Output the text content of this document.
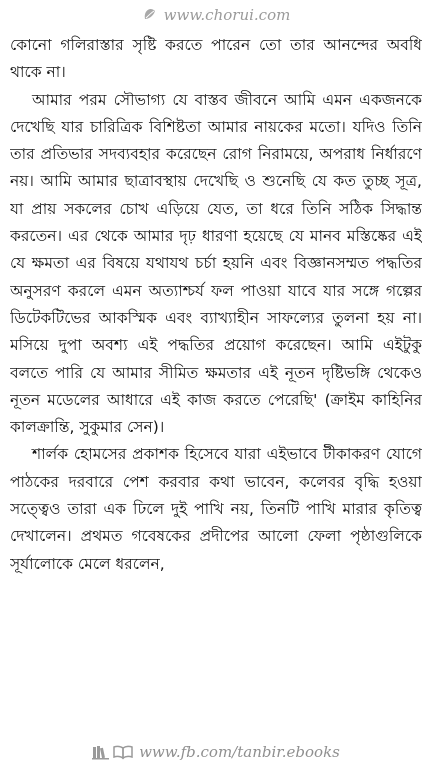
www.chorui.com

কোনো গলিরাস্তার সৃষ্টি করতে পারেন তো তার আনন্দের অবধি থাকে না।

আমার পরম সৌভাগ্য যে বাস্তব জীবনে আমি এমন একজনকে দেখেছি যার চারিত্রিক বিশিষ্টতা আমার নায়কের মতো। যদিও তিনি তার প্রতিভার সদব্যবহার করেছেন রোগ নিরাময়ে, অপরাধ নির্ধারণে নয়। আমি আমার ছাত্রাবস্থায় দেখেছি ও শুনেছি যে কত তুচ্ছ সূত্র, যা প্রায় সকলের চোখ এড়িয়ে যেত, তা ধরে তিনি সঠিক সিদ্ধান্ত করতেন। এর থেকে আমার দৃঢ় ধারণা হয়েছে যে মানব মস্তিষ্কের এই যে ক্ষমতা এর বিষয়ে যথাযথ চর্চা হয়নি এবং বিজ্ঞানসম্মত পদ্ধতির অনুসরণ করলে এমন অত্যাশ্চর্য ফল পাওয়া যাবে যার সঙ্গে গল্পের ডিটেকটিভের আকস্মিক এবং ব্যাখ্যাহীন সাফল্যের তুলনা হয় না। মসিয়ে দুপা অবশ্য এই পদ্ধতির প্রয়োগ করেছেন। আমি এইটুকু বলতে পারি যে আমার সীমিত ক্ষমতার এই নূতন দৃষ্টিভঙ্গি থেকেও নূতন মডেলের আধারে এই কাজ করতে পেরেছি' (ক্রাইম কাহিনির কালক্রান্তি, সুকুমার সেন)।

শার্লক হোমসের প্রকাশক হিসেবে যারা এইভাবে টীকাকরণ যোগে পাঠকের দরবারে পেশ করবার কথা ভাবেন, কলেবর বৃদ্ধি হওয়া সত্ত্বেও তারা এক ঢিলে দুই পাখি নয়, তিনটি পাখি মারার কৃতিত্ব দেখালেন। প্রথমত গবেষকের প্রদীপের আলো ফেলা পৃষ্ঠাগুলিকে সূর্যালোকে মেলে ধরলেন,

www.fb.com/tanbir.ebooks
